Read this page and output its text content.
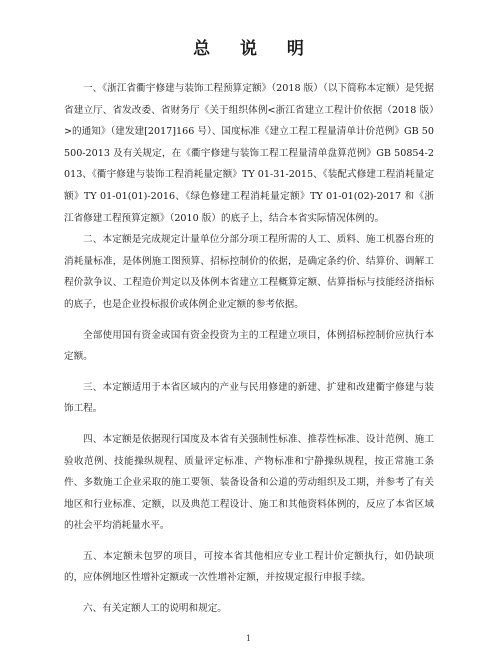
总 说 明

一、《浙江省衢宇修建与装饰工程预算定额》（2018 版）（以下简称本定额）是凭据省建立厅、省发改委、省财务厅《关于组织体例<浙江省建立工程计价依据（2018 版）>的通知》（建发建[2017]166 号）、国度标准《建立工程工程量清单计价范例》GB 50500-2013 及有关规定，在《衢宇修建与装饰工程工程量清单盘算范例》GB 50854-2013、《衢宇修建与装饰工程消耗量定额》TY 01-31-2015、《装配式修建工程消耗量定额》TY 01-01(01)-2016、《绿色修建工程消耗量定额》TY 01-01(02)-2017 和《浙江省修建工程预算定额》（2010 版）的底子上，结合本省实际情况体例的。

二、本定额是完成规定计量单位分部分项工程所需的人工、质料、施工机器台班的消耗量标准，是体例施工图预算、招标控制价的依据，是确定条约价、结算价、调解工程价款争议、工程造价判定以及体例本省建立工程概算定额、估算指标与技能经济指标的底子，也是企业投标报价或体例企业定额的参考依据。

全部使用国有资金或国有资金投资为主的工程建立项目，体例招标控制价应执行本定额。

三、本定额适用于本省区域内的产业与民用修建的新建、扩建和改建衢宇修建与装饰工程。

四、本定额是依据现行国度及本省有关强制性标准、推荐性标准、设计范例、施工验收范例、技能操纵规程、质量评定标准、产物标准和宁静操纵规程，按正常施工条件、多数施工企业采取的施工要领、装备设备和公道的劳动组织及工期，并参考了有关地区和行业标准、定额，以及典范工程设计、施工和其他资料体例的，反应了本省区域的社会平均消耗量水平。

五、本定额未包罗的项目，可按本省其他相应专业工程计价定额执行，如仍缺项的，应体例地区性增补定额或一次性增补定额，并按规定报行申报手续。

六、有关定额人工的说明和规定。

1
